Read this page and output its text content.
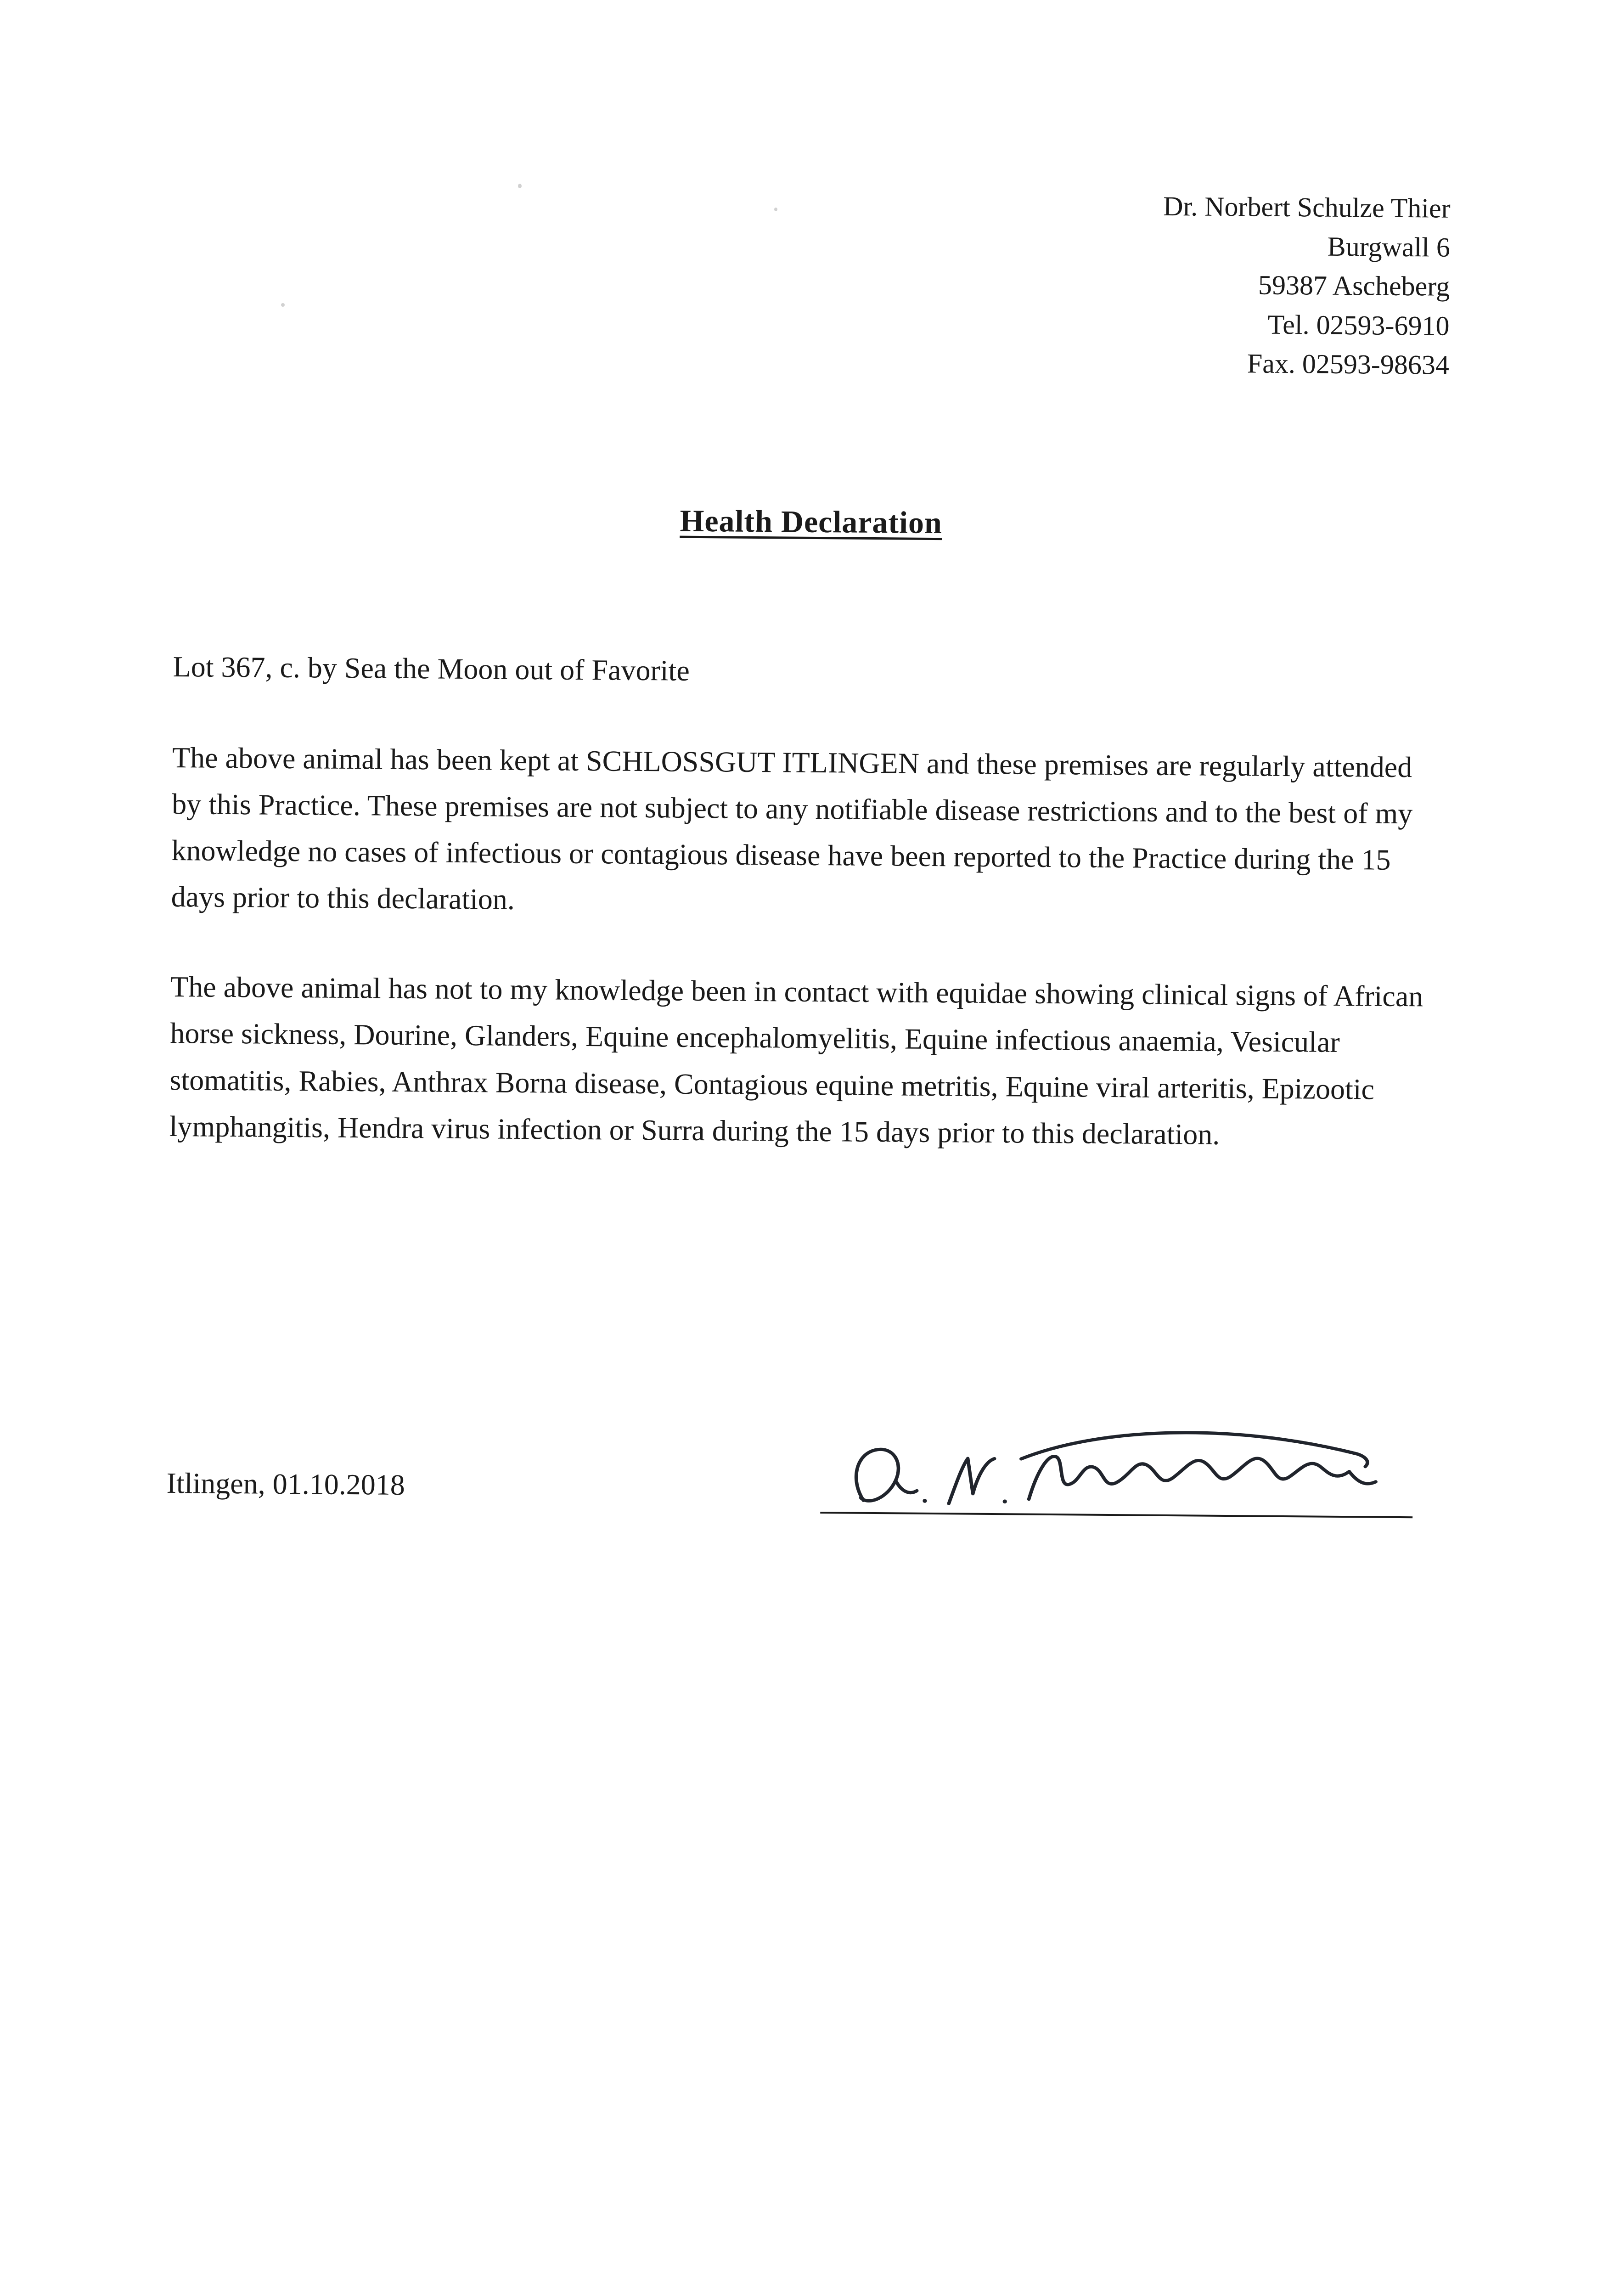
Dr. Norbert Schulze Thier
Burgwall 6
59387 Ascheberg
Tel. 02593-6910
Fax. 02593-98634
Health Declaration
Lot 367, c. by Sea the Moon out of Favorite

The above animal has been kept at SCHLOSSGUT ITLINGEN and these premises are regularly attended by this Practice. These premises are not subject to any notifiable disease restrictions and to the best of my knowledge no cases of infectious or contagious disease have been reported to the Practice during the 15 days prior to this declaration.

The above animal has not to my knowledge been in contact with equidae showing clinical signs of African horse sickness, Dourine, Glanders, Equine encephalomyelitis, Equine infectious anaemia, Vesicular stomatitis, Rabies, Anthrax Borna disease, Contagious equine metritis, Equine viral arteritis, Epizootic lymphangitis, Hendra virus infection or Surra during the 15 days prior to this declaration.

Itlingen, 01.10.2018
